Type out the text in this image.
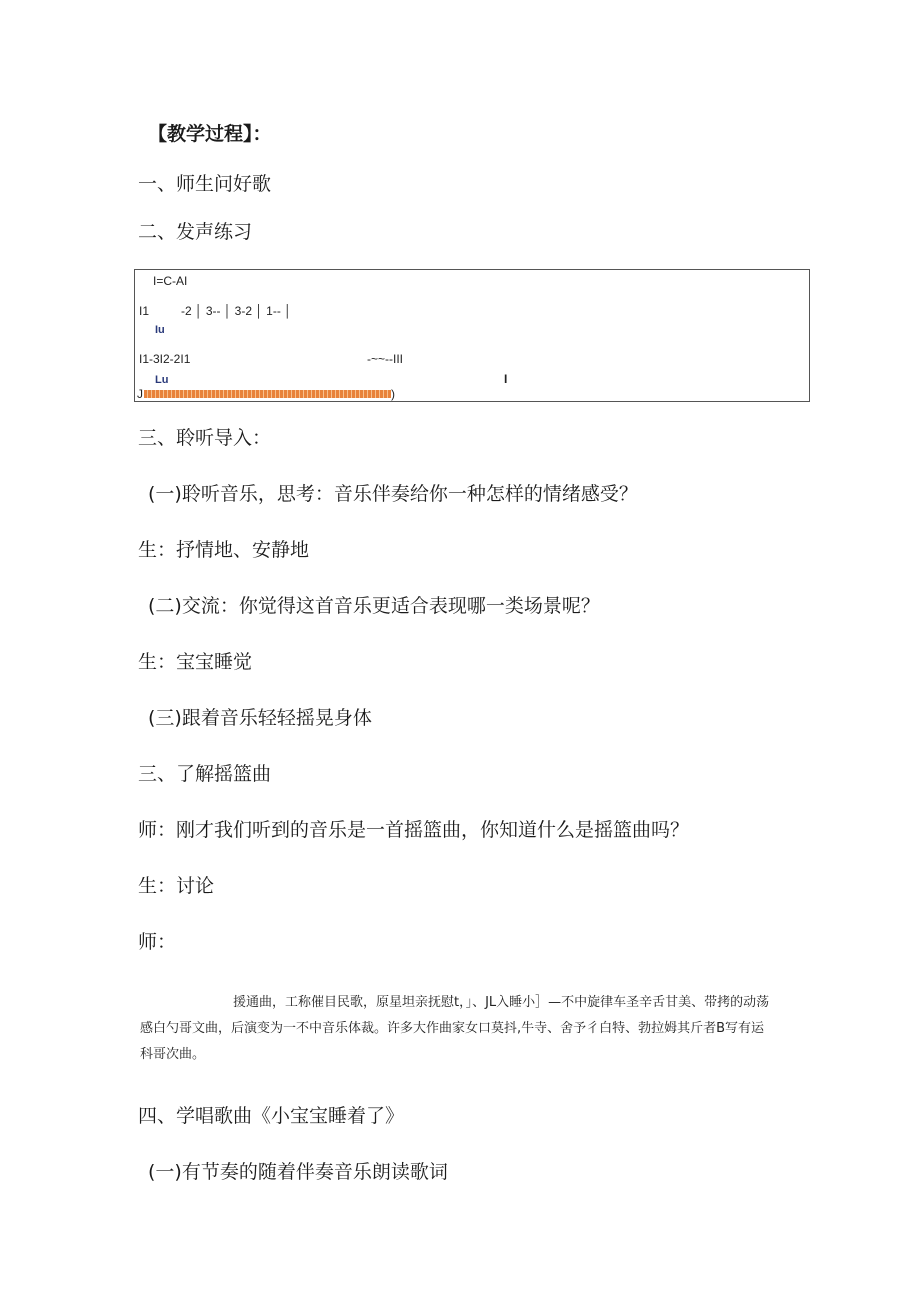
【教学过程】：
一、师生问好歌
二、发声练习
I=C-AI
I1	-2 │ 3-- │ 3-2 │ 1-- │
Iu
I1-3I2-2I1	-~~--III
Lu	I
J	)
三、聆听导入：
(一)聆听音乐，思考：音乐伴奏给你一种怎样的情绪感受？
生：抒情地、安静地
(二)交流：你觉得这首音乐更适合表现哪一类场景呢？
生：宝宝睡觉
(三)跟着音乐轻轻摇晃身体
三、了解摇篮曲
师：刚才我们听到的音乐是一首摇篮曲，你知道什么是摇篮曲吗？
生：讨论
师：
援通曲，工称催目民歌，原星坦亲抚慰t，」、JL入睡小］—不中旋律车圣辛舌甘美、带拷的动荡
感白勺哥文曲，后演变为一不中音乐体裁。许多大作曲家女口莫抖,牛寺、舍予彳白特、勃拉姆其斤者B写有运
科哥次曲。
四、学唱歌曲《小宝宝睡着了》
(一)有节奏的随着伴奏音乐朗读歌词
